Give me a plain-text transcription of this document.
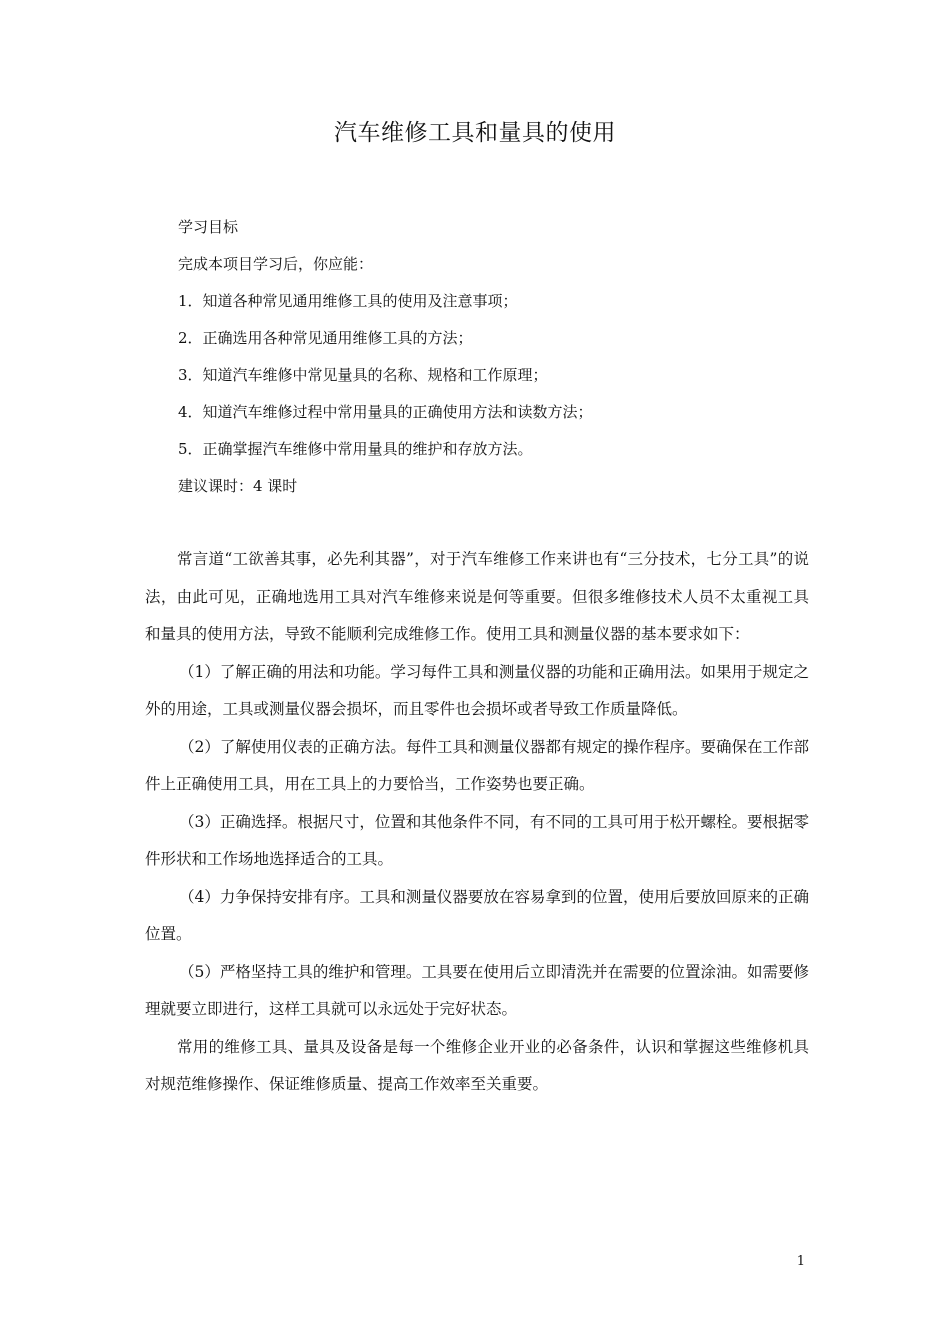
汽车维修工具和量具的使用
学习目标
完成本项目学习后，你应能：
1．知道各种常见通用维修工具的使用及注意事项；
2．正确选用各种常见通用维修工具的方法；
3．知道汽车维修中常见量具的名称、规格和工作原理；
4．知道汽车维修过程中常用量具的正确使用方法和读数方法；
5．正确掌握汽车维修中常用量具的维护和存放方法。
建议课时：4 课时

常言道“工欲善其事，必先利其器”，对于汽车维修工作来讲也有“三分技术，七分工具”的说法，由此可见，正确地选用工具对汽车维修来说是何等重要。但很多维修技术人员不太重视工具和量具的使用方法，导致不能顺利完成维修工作。使用工具和测量仪器的基本要求如下：

（1）了解正确的用法和功能。学习每件工具和测量仪器的功能和正确用法。如果用于规定之外的用途，工具或测量仪器会损坏，而且零件也会损坏或者导致工作质量降低。

（2）了解使用仪表的正确方法。每件工具和测量仪器都有规定的操作程序。要确保在工作部件上正确使用工具，用在工具上的力要恰当，工作姿势也要正确。

（3）正确选择。根据尺寸，位置和其他条件不同，有不同的工具可用于松开螺栓。要根据零件形状和工作场地选择适合的工具。

（4）力争保持安排有序。工具和测量仪器要放在容易拿到的位置，使用后要放回原来的正确位置。

（5）严格坚持工具的维护和管理。工具要在使用后立即清洗并在需要的位置涂油。如需要修理就要立即进行，这样工具就可以永远处于完好状态。

常用的维修工具、量具及设备是每一个维修企业开业的必备条件，认识和掌握这些维修机具对规范维修操作、保证维修质量、提高工作效率至关重要。

1
